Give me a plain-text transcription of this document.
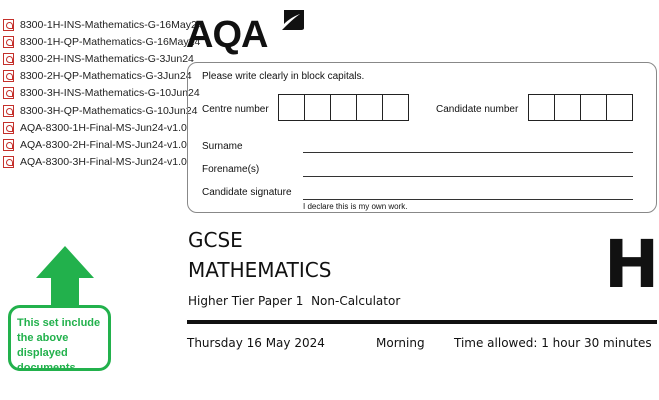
8300-1H-INS-Mathematics-G-16May24
8300-1H-QP-Mathematics-G-16May24
8300-2H-INS-Mathematics-G-3Jun24
8300-2H-QP-Mathematics-G-3Jun24
8300-3H-INS-Mathematics-G-10Jun24
8300-3H-QP-Mathematics-G-10Jun24
AQA-8300-1H-Final-MS-Jun24-v1.0
AQA-8300-2H-Final-MS-Jun24-v1.0
AQA-8300-3H-Final-MS-Jun24-v1.0
This set include the above displayed documents
AQA
Please write clearly in block capitals.
Centre number	Candidate number
Surname
Forename(s)
Candidate signature
I declare this is my own work.
GCSE
MATHEMATICS
Higher Tier Paper 1  Non-Calculator	H
Thursday 16 May 2024	Morning Time allowed: 1 hour 30 minutes
